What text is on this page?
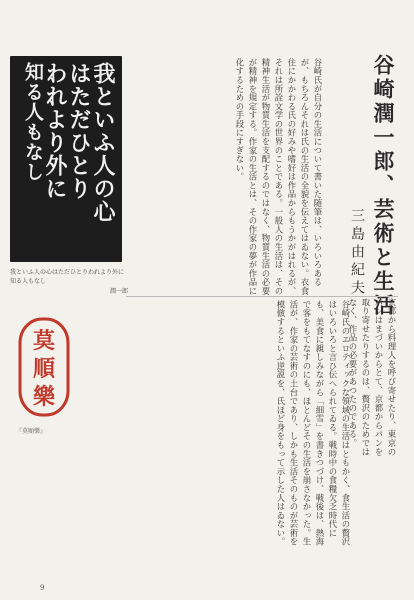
我といふ人の心
はただひとり
われより外に
知る人もなし
我といふ人の心はただひとりわれより外に知る人もなし
潤一郎
莫
順
樂
『莫順樂』
谷崎潤一郎、芸術と生活
三島由紀夫
谷崎氏が自分の生活について書いた随筆は、いろいろあるが、もちろんそれは氏の生活の全貌を伝えてはゐない。衣食住にかかわる氏の好みや嗜好は作品からもうかがはれるが、それは所詮文学の世界のことである。一般人の生活は、その精神生活が物質生活を支配するのではなく、物質生活の必要が精神を規定する。作家の生活とは、その作家の夢が作品に化するための手段にすぎない。
谷崎氏のエロティックな領域の生活はともかく、食生活の贅沢はいろいろと言ひ伝へられてゐる。戦時中の食糧欠乏時代にも、美食に親しみながら「細雪」を書きつづけ、戦後は、熱海で客をもてなすのにも、ほとんどその生活を崩さなかった。生活が、作家の芸術の土台であり、しかも生活そのものが芸術を模倣するといふ逆説を、氏ほど身をもって示した人はゐない。	京都から料理人を呼び寄せたり、東京のパンはまづいからとて、京都からパンを取り寄せたりするのは、贅沢のためではなく、作品の必要があつたのである。
9
